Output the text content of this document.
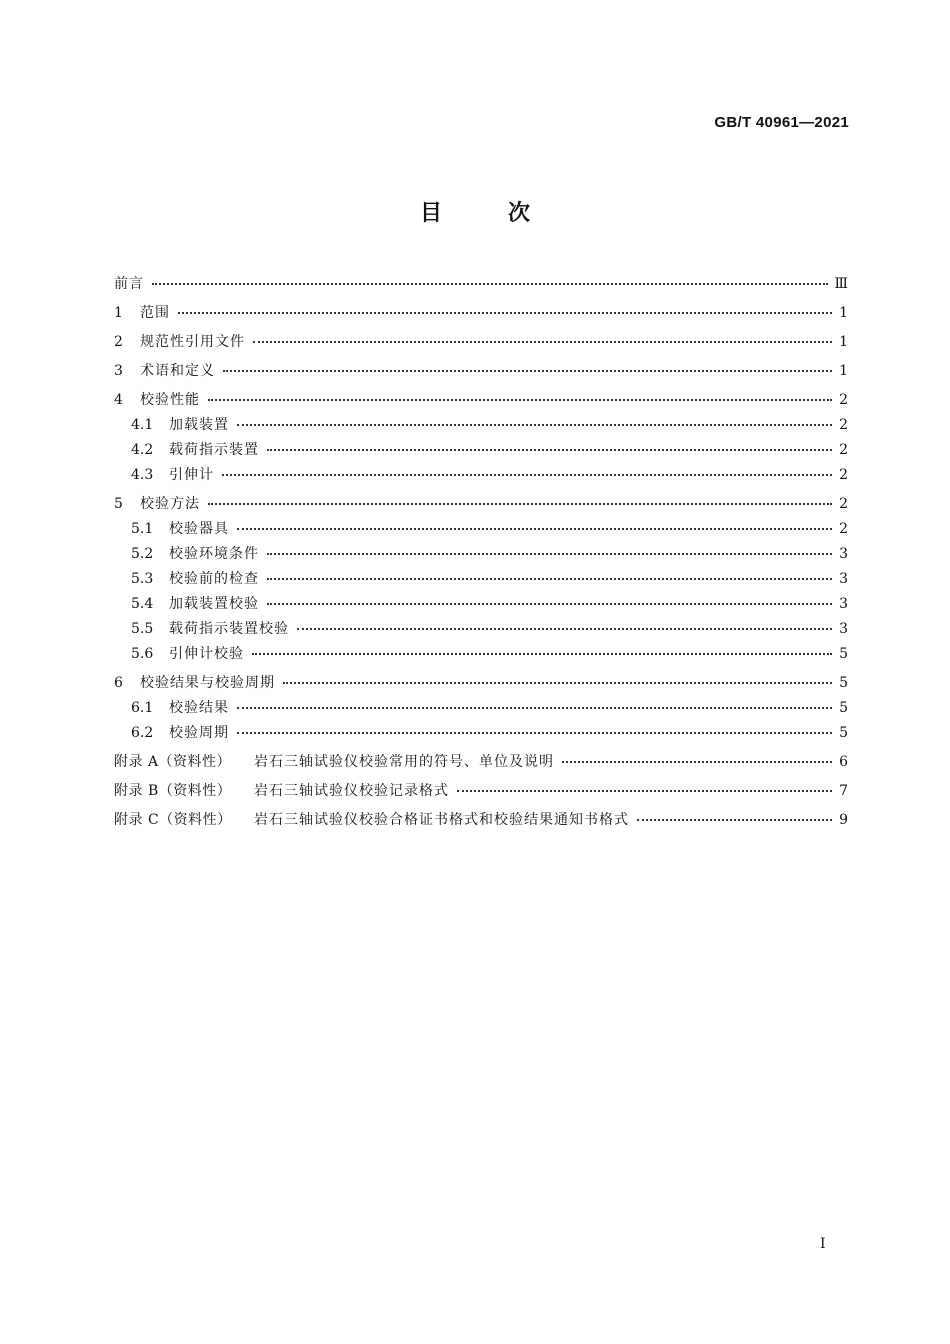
GB/T 40961—2021
目　次
前言	Ⅲ
1	范围	1
2	规范性引用文件	1
3	术语和定义	1
4	校验性能	2
4.1	加载装置	2
4.2	载荷指示装置	2
4.3	引伸计	2
5	校验方法	2
5.1	校验器具	2
5.2	校验环境条件	3
5.3	校验前的检查	3
5.4	加载装置校验	3
5.5	载荷指示装置校验	3
5.6	引伸计校验	5
6	校验结果与校验周期	5
6.1	校验结果	5
6.2	校验周期	5
附录 A（资料性）	岩石三轴试验仪校验常用的符号、单位及说明	6
附录 B（资料性）	岩石三轴试验仪校验记录格式	7
附录 C（资料性）	岩石三轴试验仪校验合格证书格式和校验结果通知书格式	9
Ⅰ
